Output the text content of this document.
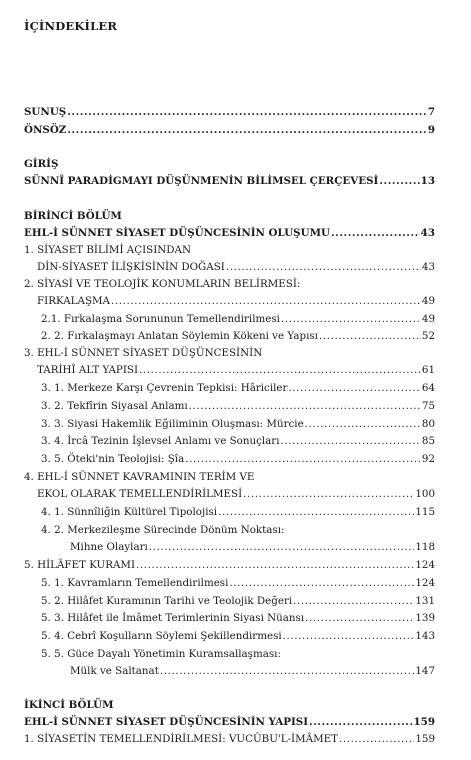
İÇİNDEKİLER
SUNUŞ .....	7
ÖNSÖZ .....	9
GİRİŞ
SÜNNÎ PARADİGMAYI DÜŞÜNMENİN BİLİMSEL ÇERÇEVESİ .....	13
BİRİNCİ BÖLÜM
EHL-İ SÜNNET SİYASET DÜŞÜNCESİNİN OLUŞUMU .....	43
1. SİYASET BİLİMİ AÇISINDAN
DİN-SİYASET İLİŞKİSİNİN DOĞASI .....	43
2. SİYASİ VE TEOLOJİK KONUMLARIN BELİRMESİ:
FIRKALAŞMA .....	49
2.1. Fırkalaşma Sorununun Temellendirilmesi .....	49
2. 2. Fırkalaşmayı Anlatan Söylemin Kökeni ve Yapısı .....	52
3. EHL-İ SÜNNET SİYASET DÜŞÜNCESİNİN
TARİHÎ ALT YAPISI .....	61
3. 1. Merkeze Karşı Çevrenin Tepkisi: Hâriciler .....	64
3. 2. Tekfîrin Siyasal Anlamı .....	75
3. 3. Siyasi Hakemlik Eğiliminin Oluşması: Mürcie .....	80
3. 4. İrcâ Tezinin İşlevsel Anlamı ve Sonuçları .....	85
3. 5. Öteki'nin Teolojisi: Şîa .....	92
4. EHL-İ SÜNNET KAVRAMININ TERİM VE
EKOL OLARAK TEMELLENDİRİLMESİ .....	100
4. 1. Sünnîliğin Kültürel Tipolojisi .....	115
4. 2. Merkezileşme Sürecinde Dönüm Noktası:
Mihne Olayları .....	118
5. HİLÂFET KURAMI .....	124
5. 1. Kavramların Temellendirilmesi .....	124
5. 2. Hilâfet Kuramının Tarihi ve Teolojik Değeri .....	131
5. 3. Hilâfet ile İmâmet Terimlerinin Siyasi Nüansı .....	139
5. 4. Cebrî Koşulların Söylemi Şekillendirmesi .....	143
5. 5. Güce Dayalı Yönetimin Kuramsallaşması:
Mülk ve Saltanat .....	147
İKİNCİ BÖLÜM
EHL-İ SÜNNET SİYASET DÜŞÜNCESİNİN YAPISI .....	159
1. SİYASETİN TEMELLENDİRİLMESİ: VUCÛBU'L-İMÂMET .....	159
